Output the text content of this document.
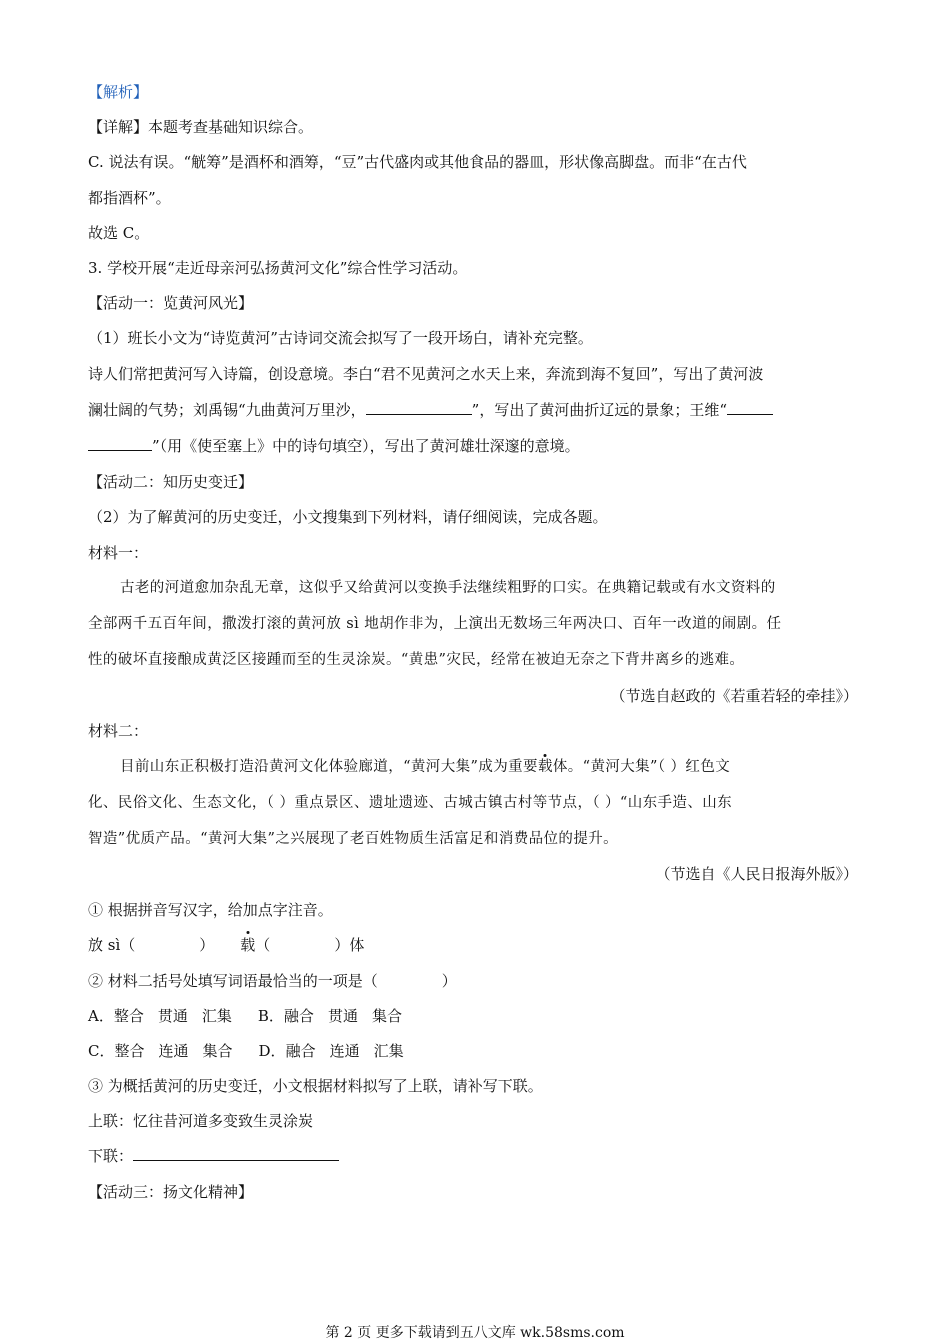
【解析】
【详解】本题考查基础知识综合。
C. 说法有误。“觥筹”是酒杯和酒筹，“豆”古代盛肉或其他食品的器皿，形状像高脚盘。而非“在古代
都指酒杯”。
故选 C。
3. 学校开展“走近母亲河弘扬黄河文化”综合性学习活动。
【活动一：览黄河风光】
（1）班长小文为“诗览黄河”古诗词交流会拟写了一段开场白，请补充完整。
诗人们常把黄河写入诗篇，创设意境。李白“君不见黄河之水天上来，奔流到海不复回”，写出了黄河波
澜壮阔的气势；刘禹锡“九曲黄河万里沙，	”，写出了黄河曲折辽远的景象；王维“
”（用《使至塞上》中的诗句填空），写出了黄河雄壮深邃的意境。
【活动二：知历史变迁】
（2）为了解黄河的历史变迁，小文搜集到下列材料，请仔细阅读，完成各题。
材料一：
古老的河道愈加杂乱无章，这似乎又给黄河以变换手法继续粗野的口实。在典籍记载或有水文资料的
全部两千五百年间，撒泼打滚的黄河放 sì 地胡作非为，上演出无数场三年两决口、百年一改道的闹剧。任
性的破坏直接酿成黄泛区接踵而至的生灵涂炭。“黄患”灾民，经常在被迫无奈之下背井离乡的逃难。
（节选自赵政的《若重若轻的牵挂》）
材料二：
目前山东正积极打造沿黄河文化体验廊道，“黄河大集”成为重要载体。“黄河大集”（ ）红色文
化、民俗文化、生态文化，（ ）重点景区、遗址遗迹、古城古镇古村等节点，（ ）“山东手造、山东
智造”优质产品。“黄河大集”之兴展现了老百姓物质生活富足和消费品位的提升。
（节选自《人民日报海外版》）
① 根据拼音写汉字，给加点字注音。
放 sì（	） 载（	）体
② 材料二括号处填写词语最恰当的一项是（	）
A．整合 贯通 汇集 B．融合 贯通 集合
C．整合 连通 集合 D．融合 连通 汇集
③ 为概括黄河的历史变迁，小文根据材料拟写了上联，请补写下联。
上联：忆往昔河道多变致生灵涂炭
下联：
【活动三：扬文化精神】
第 2 页 更多下载请到五八文库 wk.58sms.com
